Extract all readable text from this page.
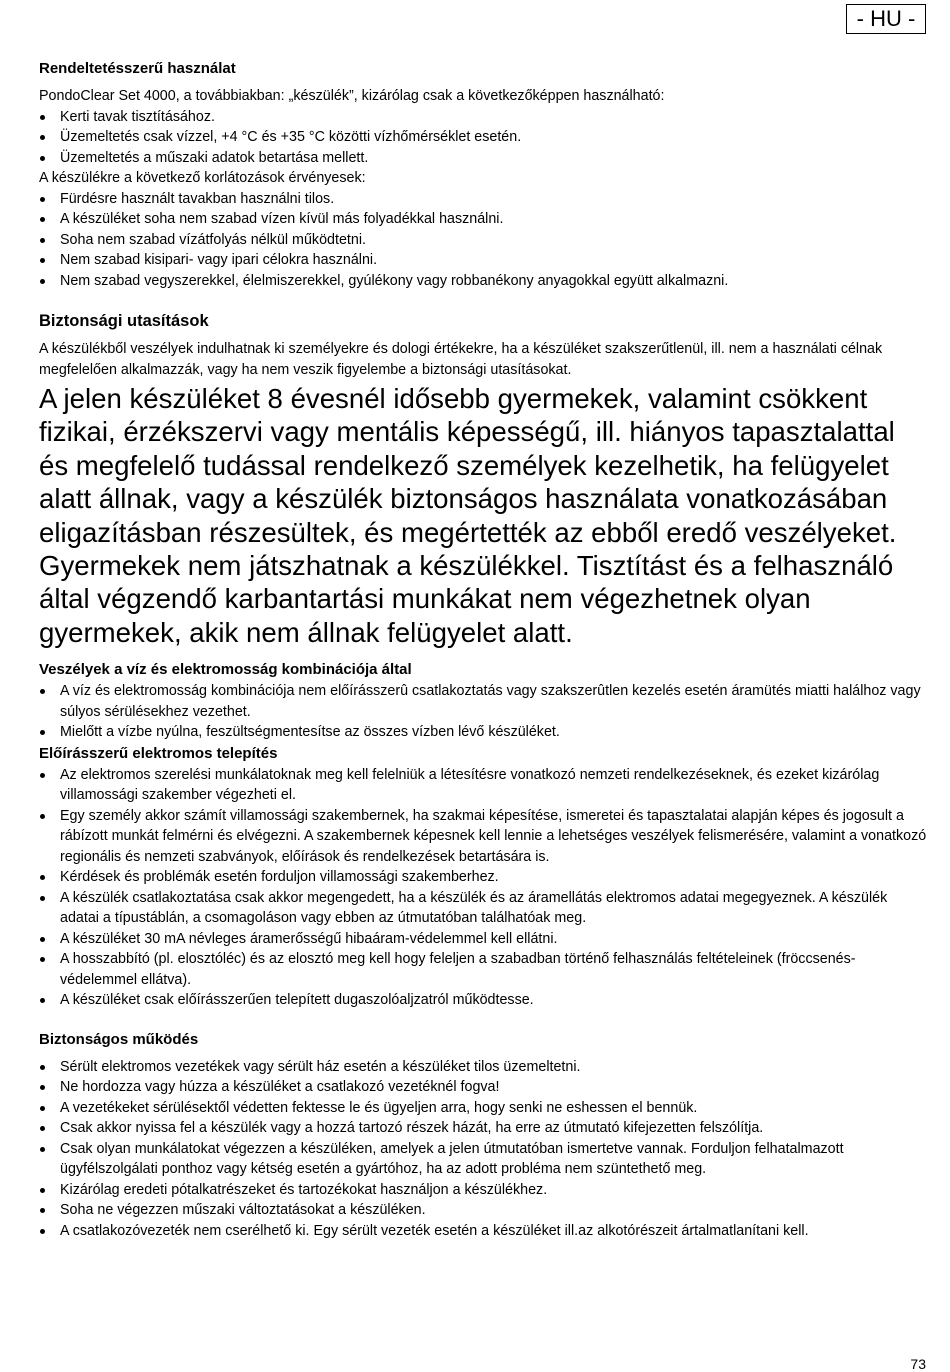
- HU -
Rendeltetésszerű használat

PondoClear Set 4000, a továbbiakban: „készülék”, kizárólag csak a következőképpen használható:

Kerti tavak tisztításához.
Üzemeltetés csak vízzel, +4 °C és +35 °C közötti vízhőmérséklet esetén.
Üzemeltetés a műszaki adatok betartása mellett.

A készülékre a következő korlátozások érvényesek:

Fürdésre használt tavakban használni tilos.
A készüléket soha nem szabad vízen kívül más folyadékkal használni.
Soha nem szabad vízátfolyás nélkül működtetni.
Nem szabad kisipari- vagy ipari célokra használni.
Nem szabad vegyszerekkel, élelmiszerekkel, gyúlékony vagy robbanékony anyagokkal együtt alkalmazni.
Biztonsági utasítások

A készülékből veszélyek indulhatnak ki személyekre és dologi értékekre, ha a készüléket szakszerűtlenül, ill. nem a használati célnak megfelelően alkalmazzák, vagy ha nem veszik figyelembe a biztonsági utasításokat.

A jelen készüléket 8 évesnél idősebb gyermekek, valamint csökkent fizikai, érzékszervi vagy mentális képességű, ill. hiányos tapasztalattal és megfelelő tudással rendelkező személyek kezelhetik, ha felügyelet alatt állnak, vagy a készülék biztonságos használata vonatkozásában eligazításban részesültek, és megértették az ebből eredő veszélyeket. Gyermekek nem játszhatnak a készülékkel. Tisztítást és a felhasználó által végzendő karbantartási munkákat nem végezhetnek olyan gyermekek, akik nem állnak felügyelet alatt.

Veszélyek a víz és elektromosság kombinációja által
A víz és elektromosság kombinációja nem előírásszerû csatlakoztatás vagy szakszerûtlen kezelés esetén áramütés miatti halálhoz vagy súlyos sérülésekhez vezethet.
Mielőtt a vízbe nyúlna, feszültségmentesítse az összes vízben lévő készüléket.
Előírásszerű elektromos telepítés
Az elektromos szerelési munkálatoknak meg kell felelniük a létesítésre vonatkozó nemzeti rendelkezéseknek, és ezeket kizárólag villamossági szakember végezheti el.
Egy személy akkor számít villamossági szakembernek, ha szakmai képesítése, ismeretei és tapasztalatai alapján képes és jogosult a rábízott munkát felmérni és elvégezni. A szakembernek képesnek kell lennie a lehetséges veszélyek felismerésére, valamint a vonatkozó regionális és nemzeti szabványok, előírások és rendelkezések betartására is.
Kérdések és problémák esetén forduljon villamossági szakemberhez.
A készülék csatlakoztatása csak akkor megengedett, ha a készülék és az áramellátás elektromos adatai megegyeznek. A készülék adatai a típustáblán, a csomagoláson vagy ebben az útmutatóban találhatóak meg.
A készüléket 30 mA névleges áramerősségű hibaáram-védelemmel kell ellátni.
A hosszabbító (pl. elosztóléc) és az elosztó meg kell hogy feleljen a szabadban történő felhasználás feltételeinek (fröccsenés-védelemmel ellátva).
A készüléket csak előírásszerűen telepített dugaszolóaljzatról működtesse.
Biztonságos működés
Sérült elektromos vezetékek vagy sérült ház esetén a készüléket tilos üzemeltetni.
Ne hordozza vagy húzza a készüléket a csatlakozó vezetéknél fogva!
A vezetékeket sérülésektől védetten fektesse le és ügyeljen arra, hogy senki ne eshessen el bennük.
Csak akkor nyissa fel a készülék vagy a hozzá tartozó részek házát, ha erre az útmutató kifejezetten felszólítja.
Csak olyan munkálatokat végezzen a készüléken, amelyek a jelen útmutatóban ismertetve vannak. Forduljon felhatalmazott ügyfélszolgálati ponthoz vagy kétség esetén a gyártóhoz, ha az adott probléma nem szüntethető meg.
Kizárólag eredeti pótalkatrészeket és tartozékokat használjon a készülékhez.
Soha ne végezzen műszaki változtatásokat a készüléken.
A csatlakozóvezeték nem cserélhető ki. Egy sérült vezeték esetén a készüléket ill.az alkotórészeit ártalmatlanítani kell.
73
